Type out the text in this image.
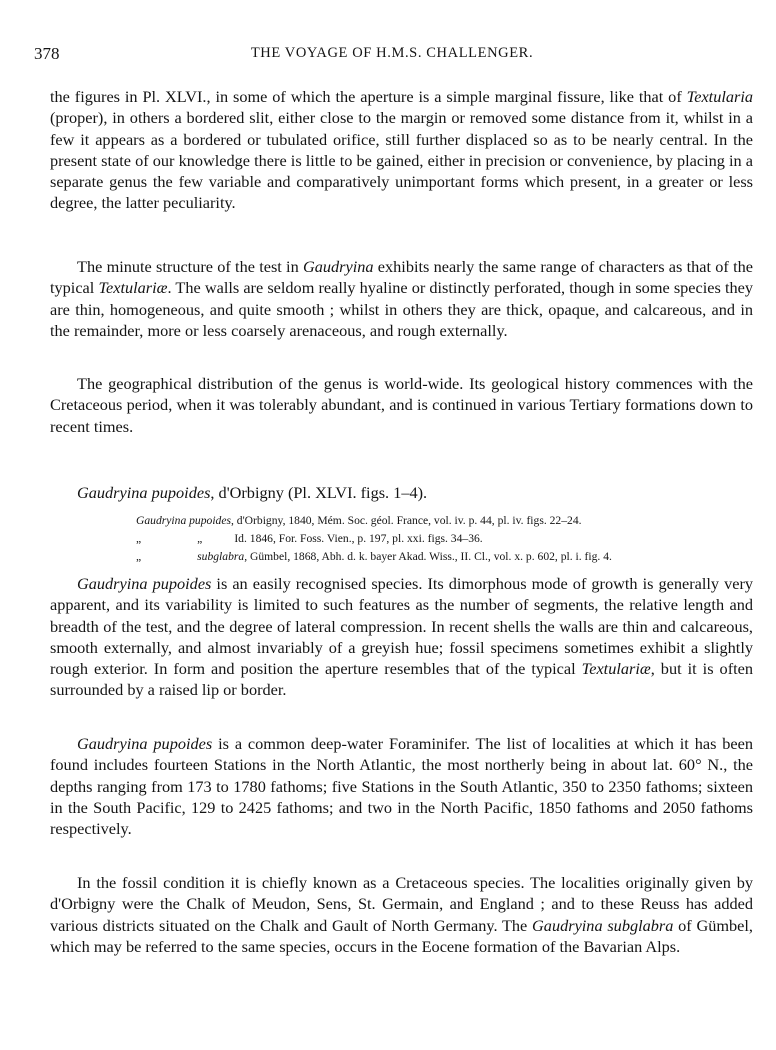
378	THE VOYAGE OF H.M.S. CHALLENGER.

the figures in Pl. XLVI., in some of which the aperture is a simple marginal fissure, like that of Textularia (proper), in others a bordered slit, either close to the margin or removed some distance from it, whilst in a few it appears as a bordered or tubulated orifice, still further displaced so as to be nearly central. In the present state of our knowledge there is little to be gained, either in precision or convenience, by placing in a separate genus the few variable and comparatively unimportant forms which present, in a greater or less degree, the latter peculiarity.

The minute structure of the test in Gaudryina exhibits nearly the same range of characters as that of the typical Textulariæ. The walls are seldom really hyaline or distinctly perforated, though in some species they are thin, homogeneous, and quite smooth ; whilst in others they are thick, opaque, and calcareous, and in the remainder, more or less coarsely arenaceous, and rough externally.

The geographical distribution of the genus is world-wide. Its geological history commences with the Cretaceous period, when it was tolerably abundant, and is continued in various Tertiary formations down to recent times.

Gaudryina pupoides, d'Orbigny (Pl. XLVI. figs. 1–4).

Gaudryina pupoides, d'Orbigny, 1840, Mém. Soc. géol. France, vol. iv. p. 44, pl. iv. figs. 22–24.

„	„	Id. 1846, For. Foss. Vien., p. 197, pl. xxi. figs. 34–36.

„	subglabra, Gümbel, 1868, Abh. d. k. bayer Akad. Wiss., II. Cl., vol. x. p. 602, pl. i. fig. 4.

Gaudryina pupoides is an easily recognised species. Its dimorphous mode of growth is generally very apparent, and its variability is limited to such features as the number of segments, the relative length and breadth of the test, and the degree of lateral compression. In recent shells the walls are thin and calcareous, smooth externally, and almost invariably of a greyish hue; fossil specimens sometimes exhibit a slightly rough exterior. In form and position the aperture resembles that of the typical Textulariæ, but it is often surrounded by a raised lip or border.

Gaudryina pupoides is a common deep-water Foraminifer. The list of localities at which it has been found includes fourteen Stations in the North Atlantic, the most northerly being in about lat. 60° N., the depths ranging from 173 to 1780 fathoms; five Stations in the South Atlantic, 350 to 2350 fathoms; sixteen in the South Pacific, 129 to 2425 fathoms; and two in the North Pacific, 1850 fathoms and 2050 fathoms respectively.

In the fossil condition it is chiefly known as a Cretaceous species. The localities originally given by d'Orbigny were the Chalk of Meudon, Sens, St. Germain, and England ; and to these Reuss has added various districts situated on the Chalk and Gault of North Germany. The Gaudryina subglabra of Gümbel, which may be referred to the same species, occurs in the Eocene formation of the Bavarian Alps.
